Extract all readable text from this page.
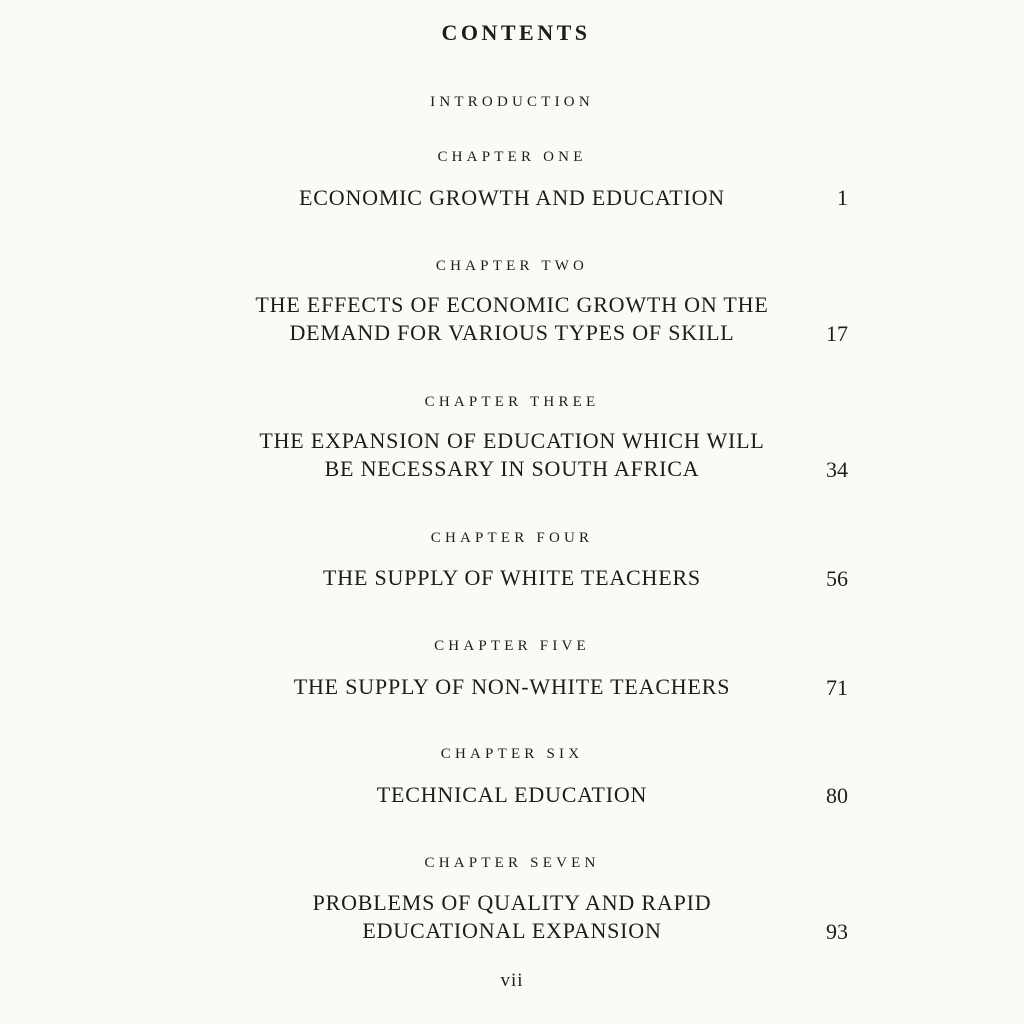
CONTENTS
INTRODUCTION
CHAPTER ONE
ECONOMIC GROWTH AND EDUCATION	1
CHAPTER TWO
THE EFFECTS OF ECONOMIC GROWTH ON THE
DEMAND FOR VARIOUS TYPES OF SKILL	17
CHAPTER THREE
THE EXPANSION OF EDUCATION WHICH WILL
BE NECESSARY IN SOUTH AFRICA	34
CHAPTER FOUR
THE SUPPLY OF WHITE TEACHERS	56
CHAPTER FIVE
THE SUPPLY OF NON-WHITE TEACHERS	71
CHAPTER SIX
TECHNICAL EDUCATION	80
CHAPTER SEVEN
PROBLEMS OF QUALITY AND RAPID
EDUCATIONAL EXPANSION	93
vii
